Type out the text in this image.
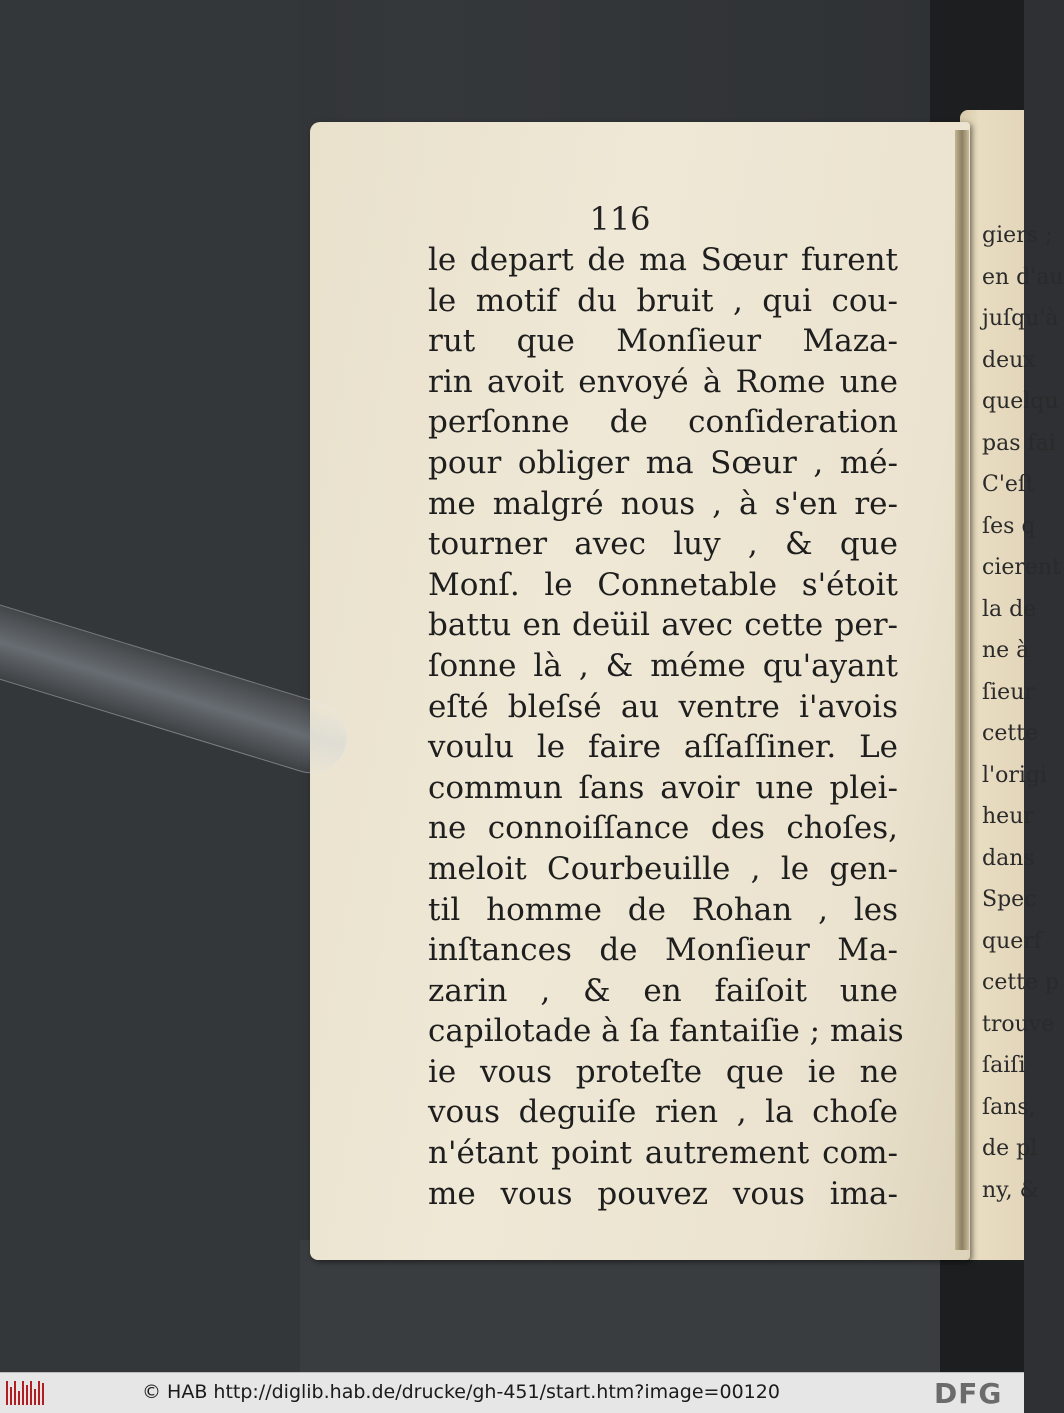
116
le depart de ma Sœur furent
le motif du bruit , qui cou-
rut que Monſieur Maza-
rin avoit envoyé à Rome une
perſonne de conſideration
pour obliger ma Sœur , mé-
me malgré nous , à s'en re-
tourner avec luy , & que
Monſ. le Connetable s'étoit
battu en deüil avec cette per-
ſonne là , & méme qu'ayant
eſté bleſsé au ventre i'avois
voulu le faire aſſaſſiner. Le
commun ſans avoir une plei-
ne connoiſſance des choſes,
meloit Courbeuille , le gen-
til homme de Rohan , les
inſtances de Monſieur Ma-
zarin , & en faiſoit une
capilotade à ſa fantaiſie ; mais
ie vous proteſte que ie ne
vous deguiſe rien , la choſe
n'étant point autrement com-
me vous pouvez vous ima-
giers ;
en d'au
juſqu'à
deux
quelqu
pas fai
C'eſt
ſes q
cierent
la de
ne à
ſieur
cette
l'origi
heur
dans
Spec
querf
cette p
trouve
ſaiſi
ſans,
de pl
ny, &
© HAB http://diglib.hab.de/drucke/gh-451/start.htm?image=00120	DFG
